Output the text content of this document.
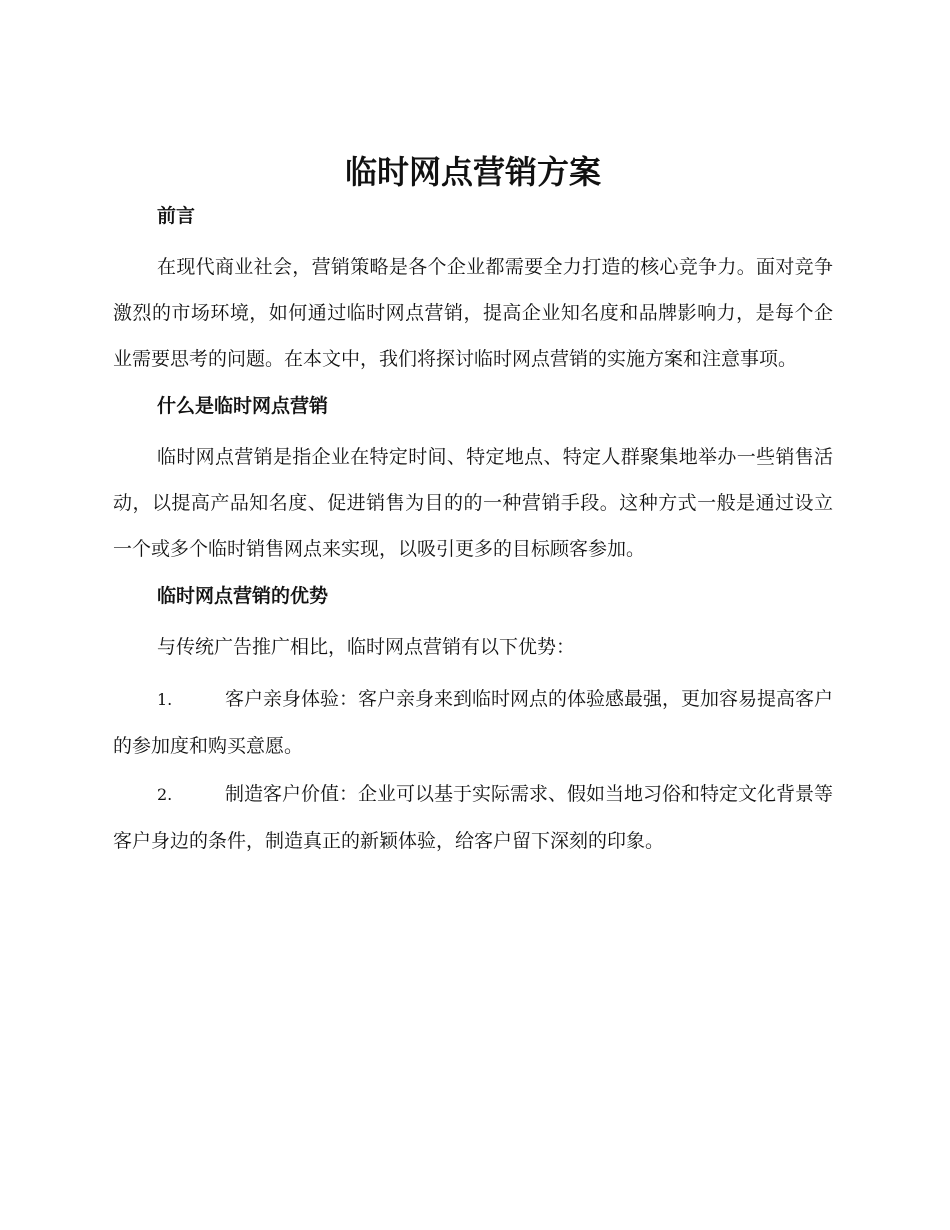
临时网点营销方案
前言

在现代商业社会，营销策略是各个企业都需要全力打造的核心竞争力。面对竞争激烈的市场环境，如何通过临时网点营销，提高企业知名度和品牌影响力，是每个企业需要思考的问题。在本文中，我们将探讨临时网点营销的实施方案和注意事项。

什么是临时网点营销

临时网点营销是指企业在特定时间、特定地点、特定人群聚集地举办一些销售活动，以提高产品知名度、促进销售为目的的一种营销手段。这种方式一般是通过设立一个或多个临时销售网点来实现，以吸引更多的目标顾客参加。

临时网点营销的优势

与传统广告推广相比，临时网点营销有以下优势：

1.	客户亲身体验：客户亲身来到临时网点的体验感最强，更加容易提高客户的参加度和购买意愿。

2.	制造客户价值：企业可以基于实际需求、假如当地习俗和特定文化背景等客户身边的条件，制造真正的新颖体验，给客户留下深刻的印象。
